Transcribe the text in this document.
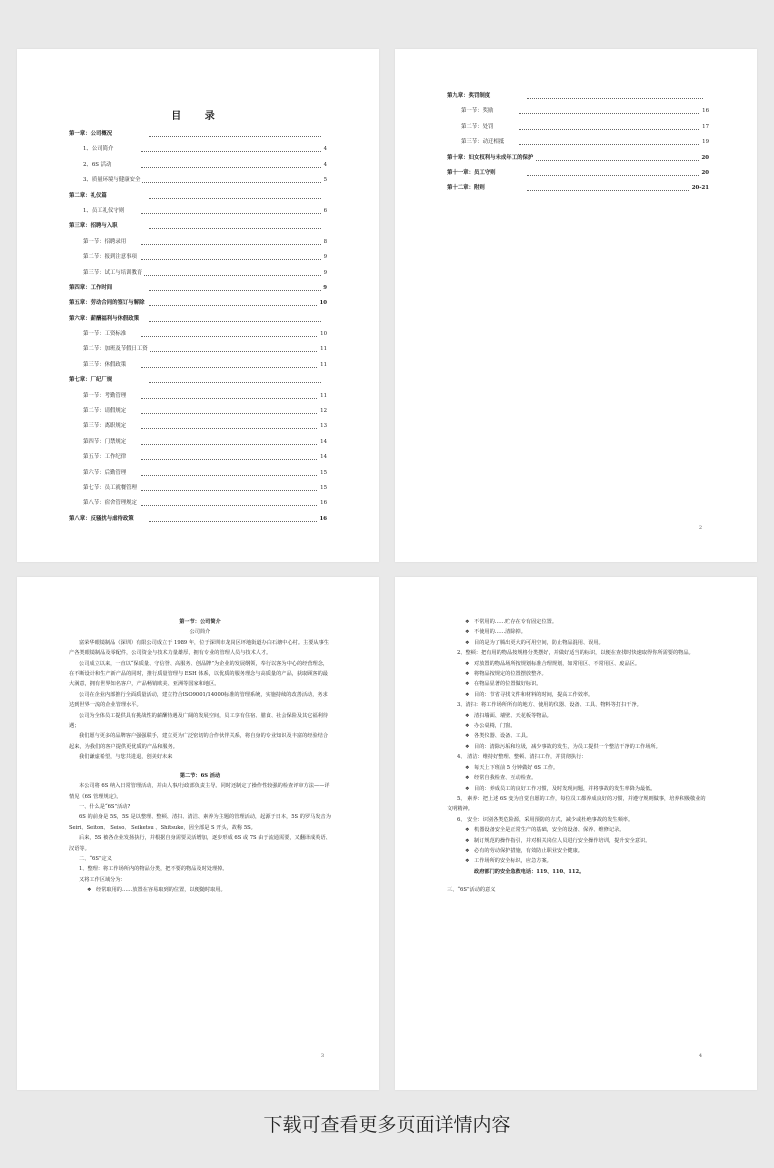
目 录
第一章：公司概况
1、公司简介	4
2、6S 活动	4
3、质量环境与健康安全	5
第二章：礼仪篇
1、员工礼仪守则	6
第三章：招聘与入职
第一节：招聘录用	8
第二节：报到注意事项	9
第三节：试工与培训教育	9
第四章：工作时间	9
第五章：劳动合同的签订与解除	10
第六章：薪酬福利与休假政策
第一节：工资标准	10
第二节：加班及节假日工资	11
第三节：休假政策	11
第七章：厂纪厂规
第一节：考勤管理	11
第二节：请假规定	12
第三节：离职规定	13
第四节：门禁规定	14
第五节：工作纪律	14
第六节：后勤管理	15
第七节：员工就餐管理	15
第八节：宿舍管理规定	16
第八章：反骚扰与虐待政策	16
第九章：奖罚制度
第一节：奖励	16
第二节：处罚	17
第三节：动迁相抵	19
第十章：妇女权利与未成年工的保护	20
第十一章：员工守则	20
第十二章：附则	20-21
2

第一节：公司简介

公司简介

富荣华眼镜制品（深圳）有限公司成立于 1989 年，位于深圳市龙岗区坪地街道办白石塘中心村。主要从事生产各类眼镜制品及零配件，公司资金与技术力量雄厚，拥有专业的管理人员与技术人才。

公司成立以来，一直以“保质量、守信誉、高服务、创品牌”为企业的发展纲领，奉行以客为中心的经营理念，在不断设计和生产新产品的同时，推行质量管理与 ESH 体系，以优质的服务理念与高质量的产品，获取顾客的最大满意，拥有世界知名客户，产品畅销欧美、亚洲等国家和地区。

公司在企业内部推行全面质量活动，建立符合ISO9001/14000标准的管理系统，实施持续的改善活动，务求达到世界一流的企业管理水平。

公司为全体员工提供具有挑战性的薪酬待遇及广阔的发展空间，员工享有住宿、膳食、社会保险及其它福利待遇；

我们愿与更多的品牌客户强强联手，建立更为广泛密切的合作伙伴关系，将自身的专业知识及丰富的经验结合起来，为我们的客户提供更优质的产品和服务。

我们谦虚希望，与您共进退，创美好未来

第二节：6S 活动

本公司将 6S 纳入日常管理活动，并由人事/行政部负责主导。同时还制定了操作性较强的检查评审方法——详情见《6S 管理规定》。

一、什么是“6S”活动?

6S 的前身是 5S，5S 是以整理、整顿、清扫、清洁、素养为主题的管理活动，起源于日本，5S 的罗马发音为 Seiri、Seiton、 Seiso、 Seiketsu 、Shitsuke，因全部是 S 开头，故称 5S。

后来，5S 被各企业发扬执行，并根据自身需要灵活增加，逐步形成 6S 或 7S 由于流通需要，又翻译成英语、汉语等。

二、“6S”定义

1、整理：将工作场所内的物品分类，把不要的物品及时处理掉。

又将工作区域分为：

❖ 经常取用的……放置在容易取到的位置，以便随时取用。

3

❖ 不常用的……贮存在专有固定位置。

❖ 不使用的……清除掉。

❖ 目的是为了腾出更大的可用空间，防止物品混用、误用。

2、整顿：把有用的物品按规格分类摆好，并做好适当的标识，以便在查找时快速取得你所需要的物品。

❖ 对放置的物品场所按规划标准合理规划，如常用区、不常用区、废品区。

❖ 将物品按规定的位置摆放整齐。

❖ 在物品显著的位置做好标识。

❖ 目的：节省寻找文件和材料的时间，提高工作效率。

3、清扫：将工作场所所有的地方、使用的仪器、设备、工具、物料等打扫干净。

❖ 清扫墙面、墙壁、天花板等物品。

❖ 办公桌椅，门窗。

❖ 各类仪器、设备、工具。

❖ 目的：清除污垢和垃圾，减少事故的发生，为员工提供一个整洁干净的工作场所。

4、 清洁：维持好整理、整顿、清扫工作，并贯彻执行：

❖ 每天上下班前 5 分钟做好 6S 工作。

❖ 经常自我检查、互动检查。

❖ 目的：养成员工的良好工作习惯，及时发现问题，并将事故的发生率降为最低。

5、 素养：把上述 6S 变为自觉自愿的工作，每位员工都养成良好的习惯，并遵守规则做事，培养积极敬业的文明精神。

6、 安全：识别各类危险源，采用预防的方式，减少或杜绝事故的发生频率。

❖ 机器设备安全是正常生产的基础，安全的设备、保养、维修记录。

❖ 制订规范的操作指引，并对相关岗位人员进行安全操作培训，提升安全意识。

❖ 必有的劳动保护措施，有效防止职业安全健康。

❖ 工作场所的安全标识，应急方案。

政府部门的安全急救电话：119、110、112。

三、“6S”活动的意义

4
下载可查看更多页面详情内容
